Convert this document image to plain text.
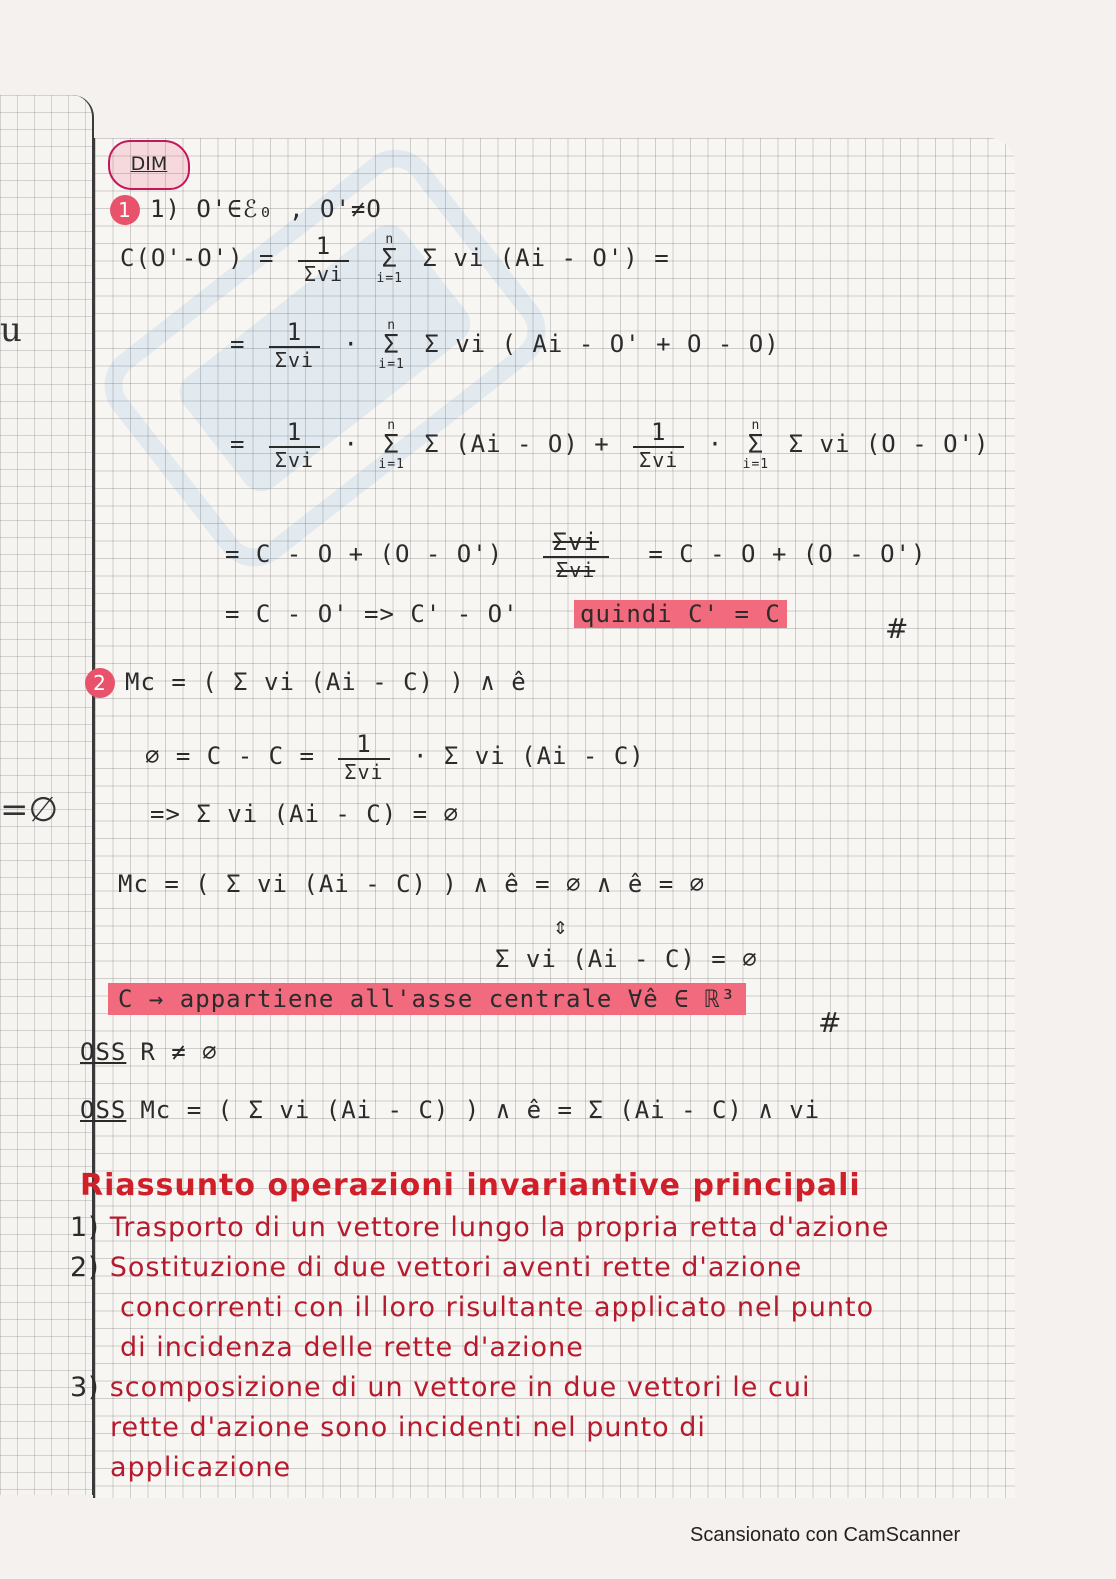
u
=∅
DIM
1 1) O'∈ℰ₀ , O'≠O
$C(O'-O') = \frac{1}{\text{Σvi}}$	n
Σ
i=1 Σ vi (Ai - O') =
= $\frac{1}{\text{Σvi}} \cdot n$
Σ
i=1 Σ vi ( Ai - O' + O - O)
= $\frac{1}{\text{Σvi}} \cdot n$
Σ
i=1 Σ $(Ai - O) + \frac{1}{\text{Σvi}} \cdot n$
Σ
i=1 Σ vi (O - O')
= $C - O + (O - O') \frac{\text{Σvi}}{\text{Σvi}} = C - O + (O - O')$
= C - O' => C' - O'	quindi C' = C	#
2 Mc = ( Σ vi (Ai - C) ) ∧ ê
∅ = $C - C = \frac{1}{\text{Σvi}} \cdot \Sigma$ vi (Ai - C)
=> Σ vi (Ai - C) = ∅
Mc = ( Σ vi (Ai - C) ) ∧ ê = ∅ ∧ ê = ∅
⇕
Σ vi (Ai - C) = ∅
C → appartiene all'asse centrale ∀ê ∈ ℝ³
#
OSS R ≠ ∅
OSS Mc = ( Σ vi (Ai - C) ) ∧ ê = Σ (Ai - C) ∧ vi
Riassunto operazioni invariantive principali
1) Trasporto di un vettore lungo la propria retta d'azione
2) Sostituzione di due vettori aventi rette d'azione
concorrenti con il loro risultante applicato nel punto
di incidenza delle rette d'azione
3) scomposizione di un vettore in due vettori le cui
rette d'azione sono incidenti nel punto di
applicazione
Scansionato con CamScanner
